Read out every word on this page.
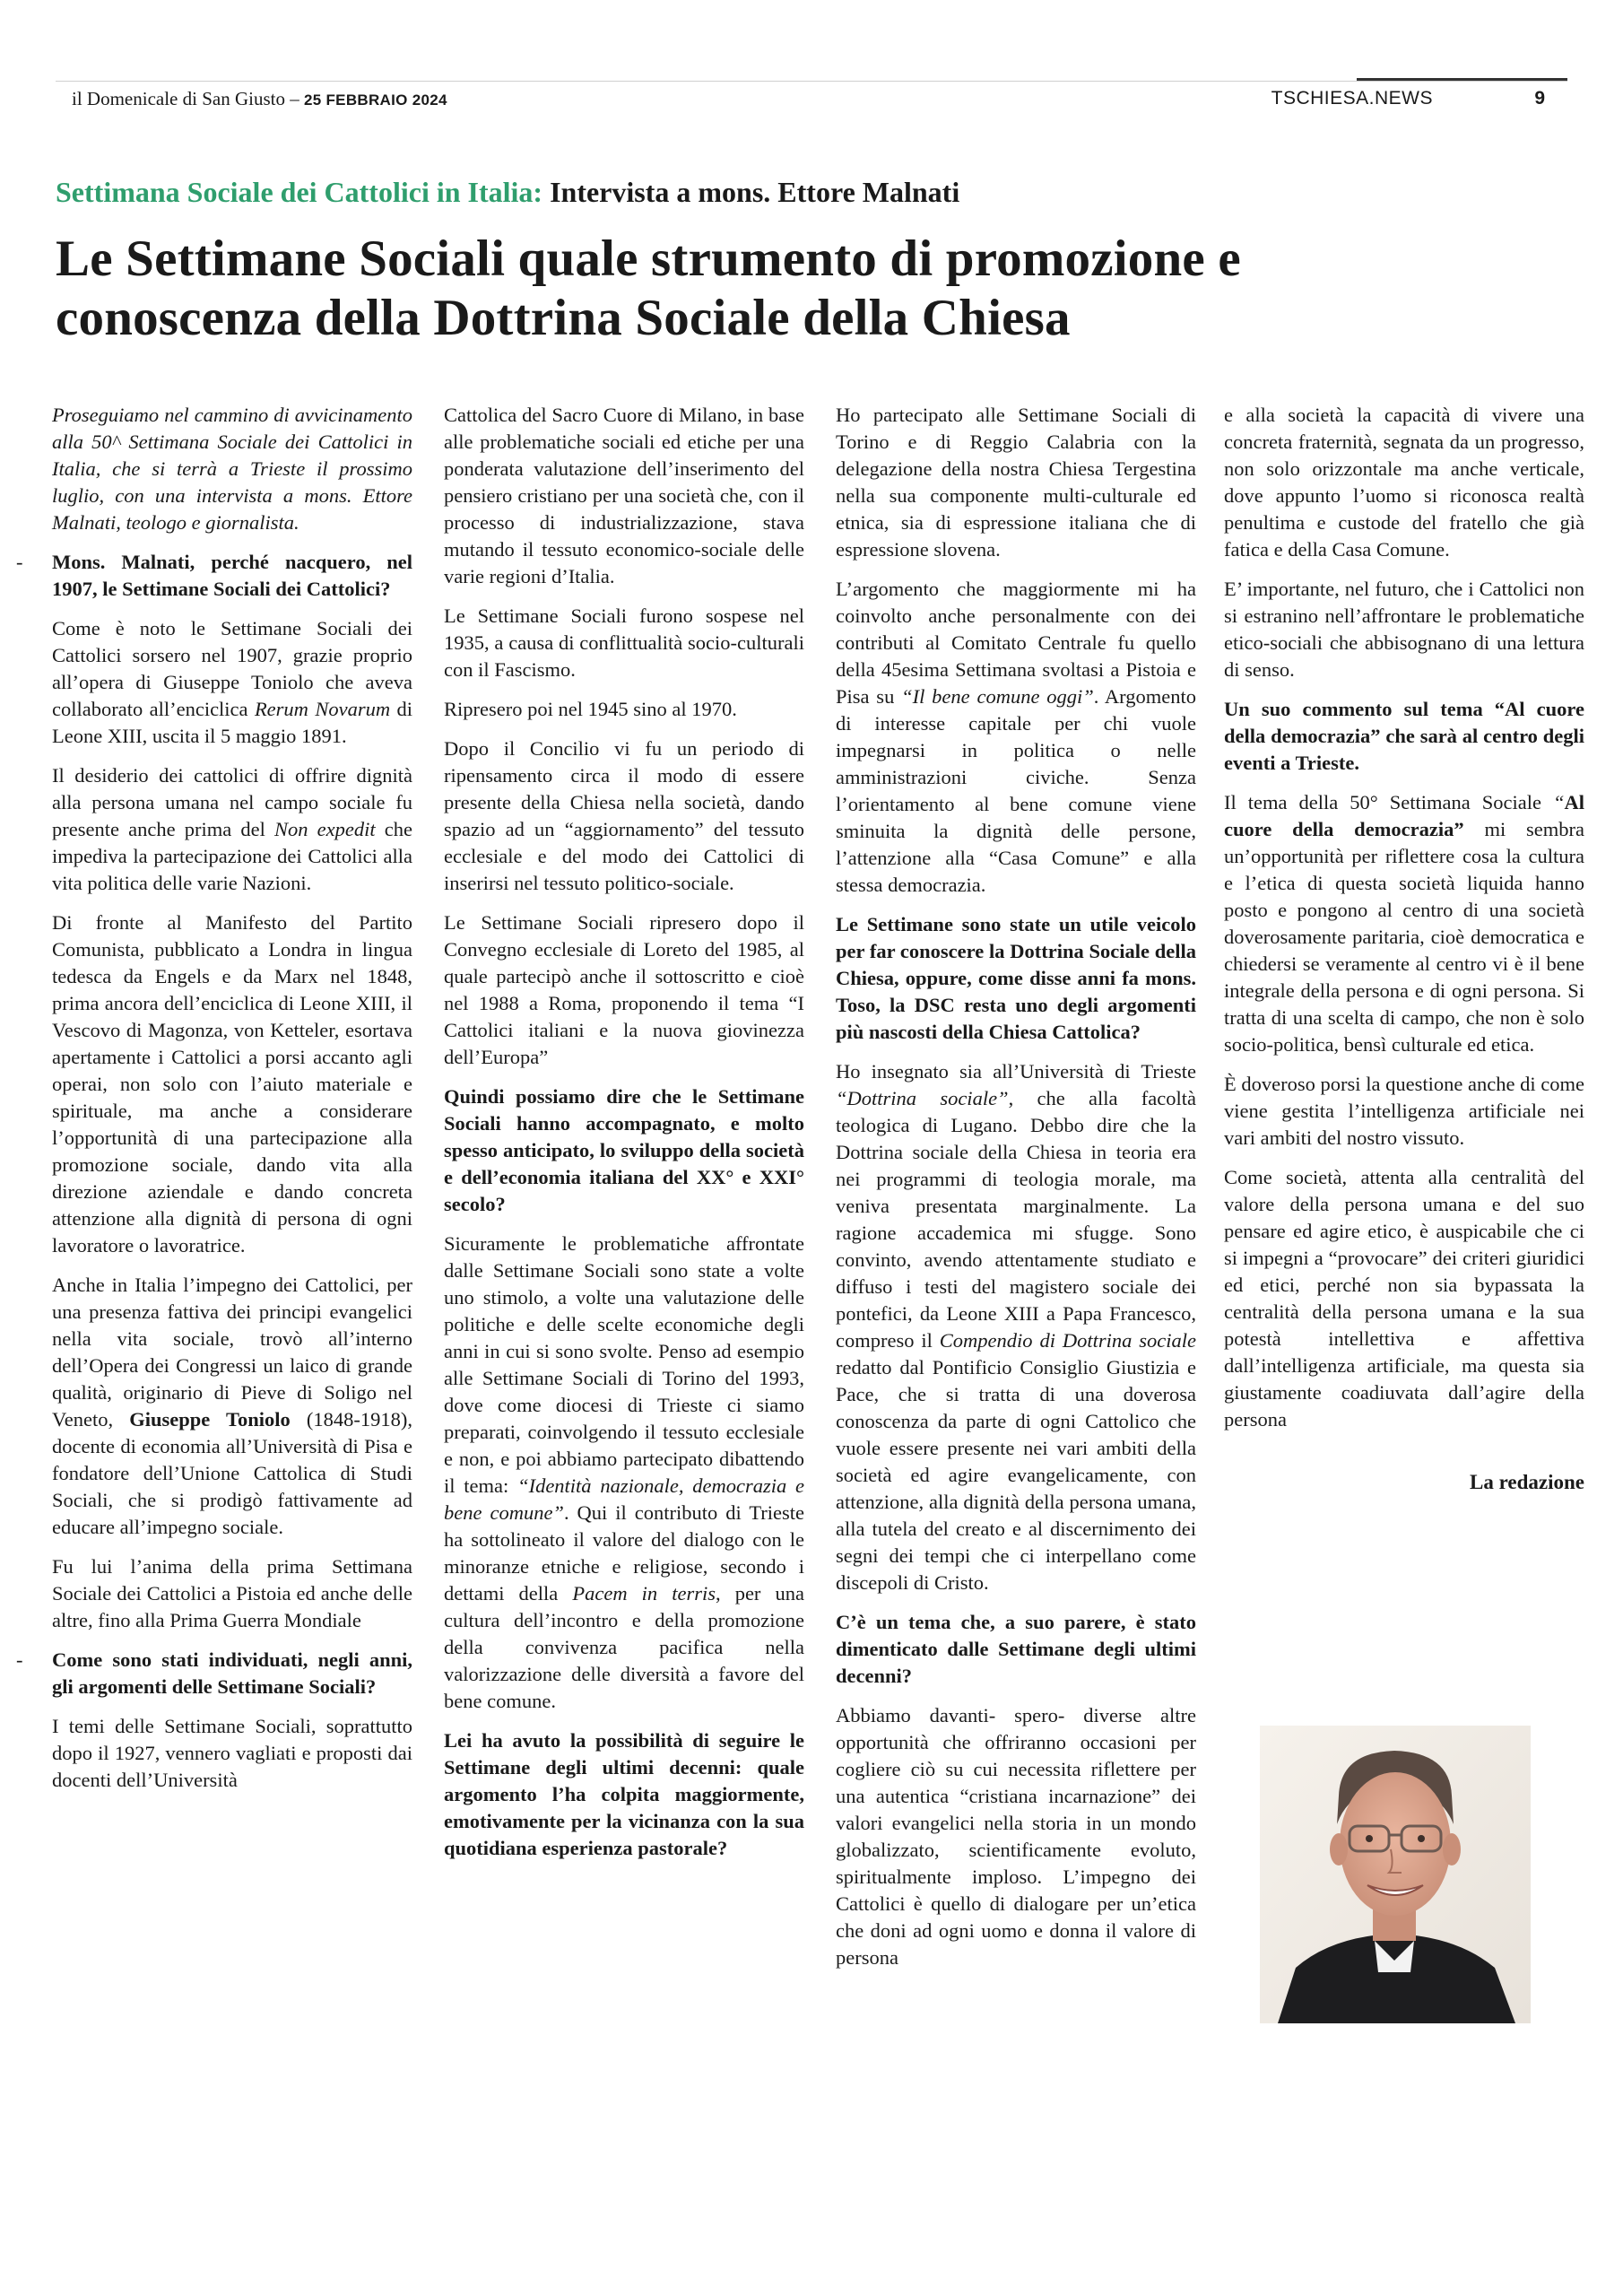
il Domenicale di San Giusto – 25 FEBBRAIO 2024	TSCHIESA.NEWS	9
Settimana Sociale dei Cattolici in Italia: Intervista a mons. Ettore Malnati
Le Settimane Sociali quale strumento di promozione e conoscenza della Dottrina Sociale della Chiesa

Proseguiamo nel cammino di avvicinamento alla 50^ Settimana Sociale dei Cattolici in Italia, che si terrà a Trieste il prossimo luglio, con una intervista a mons. Ettore Malnati, teologo e giornalista.

- Mons. Malnati, perché nacquero, nel 1907, le Settimane Sociali dei Cattolici?

Come è noto le Settimane Sociali dei Cattolici sorsero nel 1907, grazie proprio all’opera di Giuseppe Toniolo che aveva collaborato all’enciclica Rerum Novarum di Leone XIII, uscita il 5 maggio 1891.

Il desiderio dei cattolici di offrire dignità alla persona umana nel campo sociale fu presente anche prima del Non expedit che impediva la partecipazione dei Cattolici alla vita politica delle varie Nazioni.

Di fronte al Manifesto del Partito Comunista, pubblicato a Londra in lingua tedesca da Engels e da Marx nel 1848, prima ancora dell’enciclica di Leone XIII, il Vescovo di Magonza, von Ketteler, esortava apertamente i Cattolici a porsi accanto agli operai, non solo con l’aiuto materiale e spirituale, ma anche a considerare l’opportunità di una partecipazione alla promozione sociale, dando vita alla direzione aziendale e dando concreta attenzione alla dignità di persona di ogni lavoratore o lavoratrice.

Anche in Italia l’impegno dei Cattolici, per una presenza fattiva dei principi evangelici nella vita sociale, trovò all’interno dell’Opera dei Congressi un laico di grande qualità, originario di Pieve di Soligo nel Veneto, Giuseppe Toniolo (1848-1918), docente di economia all’Università di Pisa e fondatore dell’Unione Cattolica di Studi Sociali, che si prodigò fattivamente ad educare all’impegno sociale.

Fu lui l’anima della prima Settimana Sociale dei Cattolici a Pistoia ed anche delle altre, fino alla Prima Guerra Mondiale

- Come sono stati individuati, negli anni, gli argomenti delle Settimane Sociali?

I temi delle Settimane Sociali, soprattutto dopo il 1927, vennero vagliati e proposti dai docenti dell’Università

Cattolica del Sacro Cuore di Milano, in base alle problematiche sociali ed etiche per una ponderata valutazione dell’inserimento del pensiero cristiano per una società che, con il processo di industrializzazione, stava mutando il tessuto economico-sociale delle varie regioni d’Italia.

Le Settimane Sociali furono sospese nel 1935, a causa di conflittualità socio-culturali con il Fascismo.

Ripresero poi nel 1945 sino al 1970.

Dopo il Concilio vi fu un periodo di ripensamento circa il modo di essere presente della Chiesa nella società, dando spazio ad un “aggiornamento” del tessuto ecclesiale e del modo dei Cattolici di inserirsi nel tessuto politico-sociale.

Le Settimane Sociali ripresero dopo il Convegno ecclesiale di Loreto del 1985, al quale partecipò anche il sottoscritto e cioè nel 1988 a Roma, proponendo il tema “I Cattolici italiani e la nuova giovinezza dell’Europa”

Quindi possiamo dire che le Settimane Sociali hanno accompagnato, e molto spesso anticipato, lo sviluppo della società e dell’economia italiana del XX° e XXI° secolo?

Sicuramente le problematiche affrontate dalle Settimane Sociali sono state a volte uno stimolo, a volte una valutazione delle politiche e delle scelte economiche degli anni in cui si sono svolte. Penso ad esempio alle Settimane Sociali di Torino del 1993, dove come diocesi di Trieste ci siamo preparati, coinvolgendo il tessuto ecclesiale e non, e poi abbiamo partecipato dibattendo il tema: “Identità nazionale, democrazia e bene comune”. Qui il contributo di Trieste ha sottolineato il valore del dialogo con le minoranze etniche e religiose, secondo i dettami della Pacem in terris, per una cultura dell’incontro e della promozione della convivenza pacifica nella valorizzazione delle diversità a favore del bene comune.

Lei ha avuto la possibilità di seguire le Settimane degli ultimi decenni: quale argomento l’ha colpita maggiormente, emotivamente per la vicinanza con la sua quotidiana esperienza pastorale?

Ho partecipato alle Settimane Sociali di Torino e di Reggio Calabria con la delegazione della nostra Chiesa Tergestina nella sua componente multi-culturale ed etnica, sia di espressione italiana che di espressione slovena.

L’argomento che maggiormente mi ha coinvolto anche personalmente con dei contributi al Comitato Centrale fu quello della 45esima Settimana svoltasi a Pistoia e Pisa su “Il bene comune oggi”. Argomento di interesse capitale per chi vuole impegnarsi in politica o nelle amministrazioni civiche. Senza l’orientamento al bene comune viene sminuita la dignità delle persone, l’attenzione alla “Casa Comune” e alla stessa democrazia.

Le Settimane sono state un utile veicolo per far conoscere la Dottrina Sociale della Chiesa, oppure, come disse anni fa mons. Toso, la DSC resta uno degli argomenti più nascosti della Chiesa Cattolica?

Ho insegnato sia all’Università di Trieste “Dottrina sociale”, che alla facoltà teologica di Lugano. Debbo dire che la Dottrina sociale della Chiesa in teoria era nei programmi di teologia morale, ma veniva presentata marginalmente. La ragione accademica mi sfugge. Sono convinto, avendo attentamente studiato e diffuso i testi del magistero sociale dei pontefici, da Leone XIII a Papa Francesco, compreso il Compendio di Dottrina sociale redatto dal Pontificio Consiglio Giustizia e Pace, che si tratta di una doverosa conoscenza da parte di ogni Cattolico che vuole essere presente nei vari ambiti della società ed agire evangelicamente, con attenzione, alla dignità della persona umana, alla tutela del creato e al discernimento dei segni dei tempi che ci interpellano come discepoli di Cristo.

C’è un tema che, a suo parere, è stato dimenticato dalle Settimane degli ultimi decenni?

Abbiamo davanti- spero- diverse altre opportunità che offriranno occasioni per cogliere ciò su cui necessita riflettere per una autentica “cristiana incarnazione” dei valori evangelici nella storia in un mondo globalizzato, scientificamente evoluto, spiritualmente imploso. L’impegno dei Cattolici è quello di dialogare per un’etica che doni ad ogni uomo e donna il valore di persona

e alla società la capacità di vivere una concreta fraternità, segnata da un progresso, non solo orizzontale ma anche verticale, dove appunto l’uomo si riconosca realtà penultima e custode del fratello che già fatica e della Casa Comune.

E’ importante, nel futuro, che i Cattolici non si estranino nell’affrontare le problematiche etico-sociali che abbisognano di una lettura di senso.

Un suo commento sul tema “Al cuore della democrazia” che sarà al centro degli eventi a Trieste.

Il tema della 50° Settimana Sociale “Al cuore della democrazia” mi sembra un’opportunità per riflettere cosa la cultura e l’etica di questa società liquida hanno posto e pongono al centro di una società doverosamente paritaria, cioè democratica e chiedersi se veramente al centro vi è il bene integrale della persona e di ogni persona. Si tratta di una scelta di campo, che non è solo socio-politica, bensì culturale ed etica.

È doveroso porsi la questione anche di come viene gestita l’intelligenza artificiale nei vari ambiti del nostro vissuto.

Come società, attenta alla centralità del valore della persona umana e del suo pensare ed agire etico, è auspicabile che ci si impegni a “provocare” dei criteri giuridici ed etici, perché non sia bypassata la centralità della persona umana e la sua potestà intellettiva e affettiva dall’intelligenza artificiale, ma questa sia giustamente coadiuvata dall’agire della persona

La redazione
